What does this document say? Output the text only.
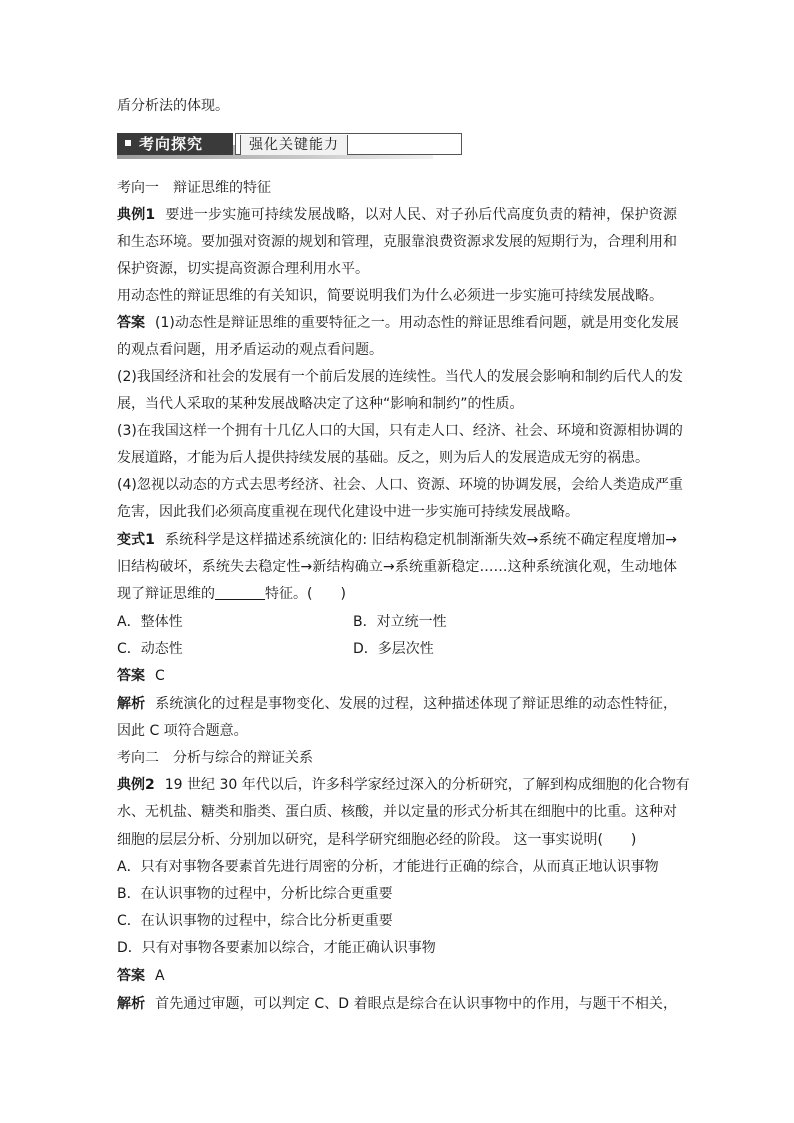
盾分析法的体现。
考向探究	强化关键能力
考向一　辩证思维的特征
典例1 要进一步实施可持续发展战略，以对人民、对子孙后代高度负责的精神，保护资源
和生态环境。要加强对资源的规划和管理，克服靠浪费资源求发展的短期行为，合理利用和
保护资源，切实提高资源合理利用水平。
用动态性的辩证思维的有关知识，简要说明我们为什么必须进一步实施可持续发展战略。
答案 (1)动态性是辩证思维的重要特征之一。用动态性的辩证思维看问题，就是用变化发展
的观点看问题，用矛盾运动的观点看问题。
(2)我国经济和社会的发展有一个前后发展的连续性。当代人的发展会影响和制约后代人的发
展，当代人采取的某种发展战略决定了这种“影响和制约”的性质。
(3)在我国这样一个拥有十几亿人口的大国，只有走人口、经济、社会、环境和资源相协调的
发展道路，才能为后人提供持续发展的基础。反之，则为后人的发展造成无穷的祸患。
(4)忽视以动态的方式去思考经济、社会、人口、资源、环境的协调发展，会给人类造成严重
危害，因此我们必须高度重视在现代化建设中进一步实施可持续发展战略。
变式1 系统科学是这样描述系统演化的: 旧结构稳定机制渐渐失效→系统不确定程度增加→
旧结构破坏，系统失去稳定性→新结构确立→系统重新稳定……这种系统演化观，生动地体
现了辩证思维的	特征。(　　)
A．整体性	B．对立统一性
C．动态性	D．多层次性
答案 C
解析 系统演化的过程是事物变化、发展的过程，这种描述体现了辩证思维的动态性特征，
因此 C 项符合题意。
考向二　分析与综合的辩证关系
典例2 19 世纪 30 年代以后，许多科学家经过深入的分析研究，了解到构成细胞的化合物有
水、无机盐、糖类和脂类、蛋白质、核酸，并以定量的形式分析其在细胞中的比重。这种对
细胞的层层分析、分别加以研究，是科学研究细胞必经的阶段。 这一事实说明(　　)
A．只有对事物各要素首先进行周密的分析，才能进行正确的综合，从而真正地认识事物
B．在认识事物的过程中，分析比综合更重要
C．在认识事物的过程中，综合比分析更重要
D．只有对事物各要素加以综合，才能正确认识事物
答案 A
解析 首先通过审题，可以判定 C、D 着眼点是综合在认识事物中的作用，与题干不相关，
